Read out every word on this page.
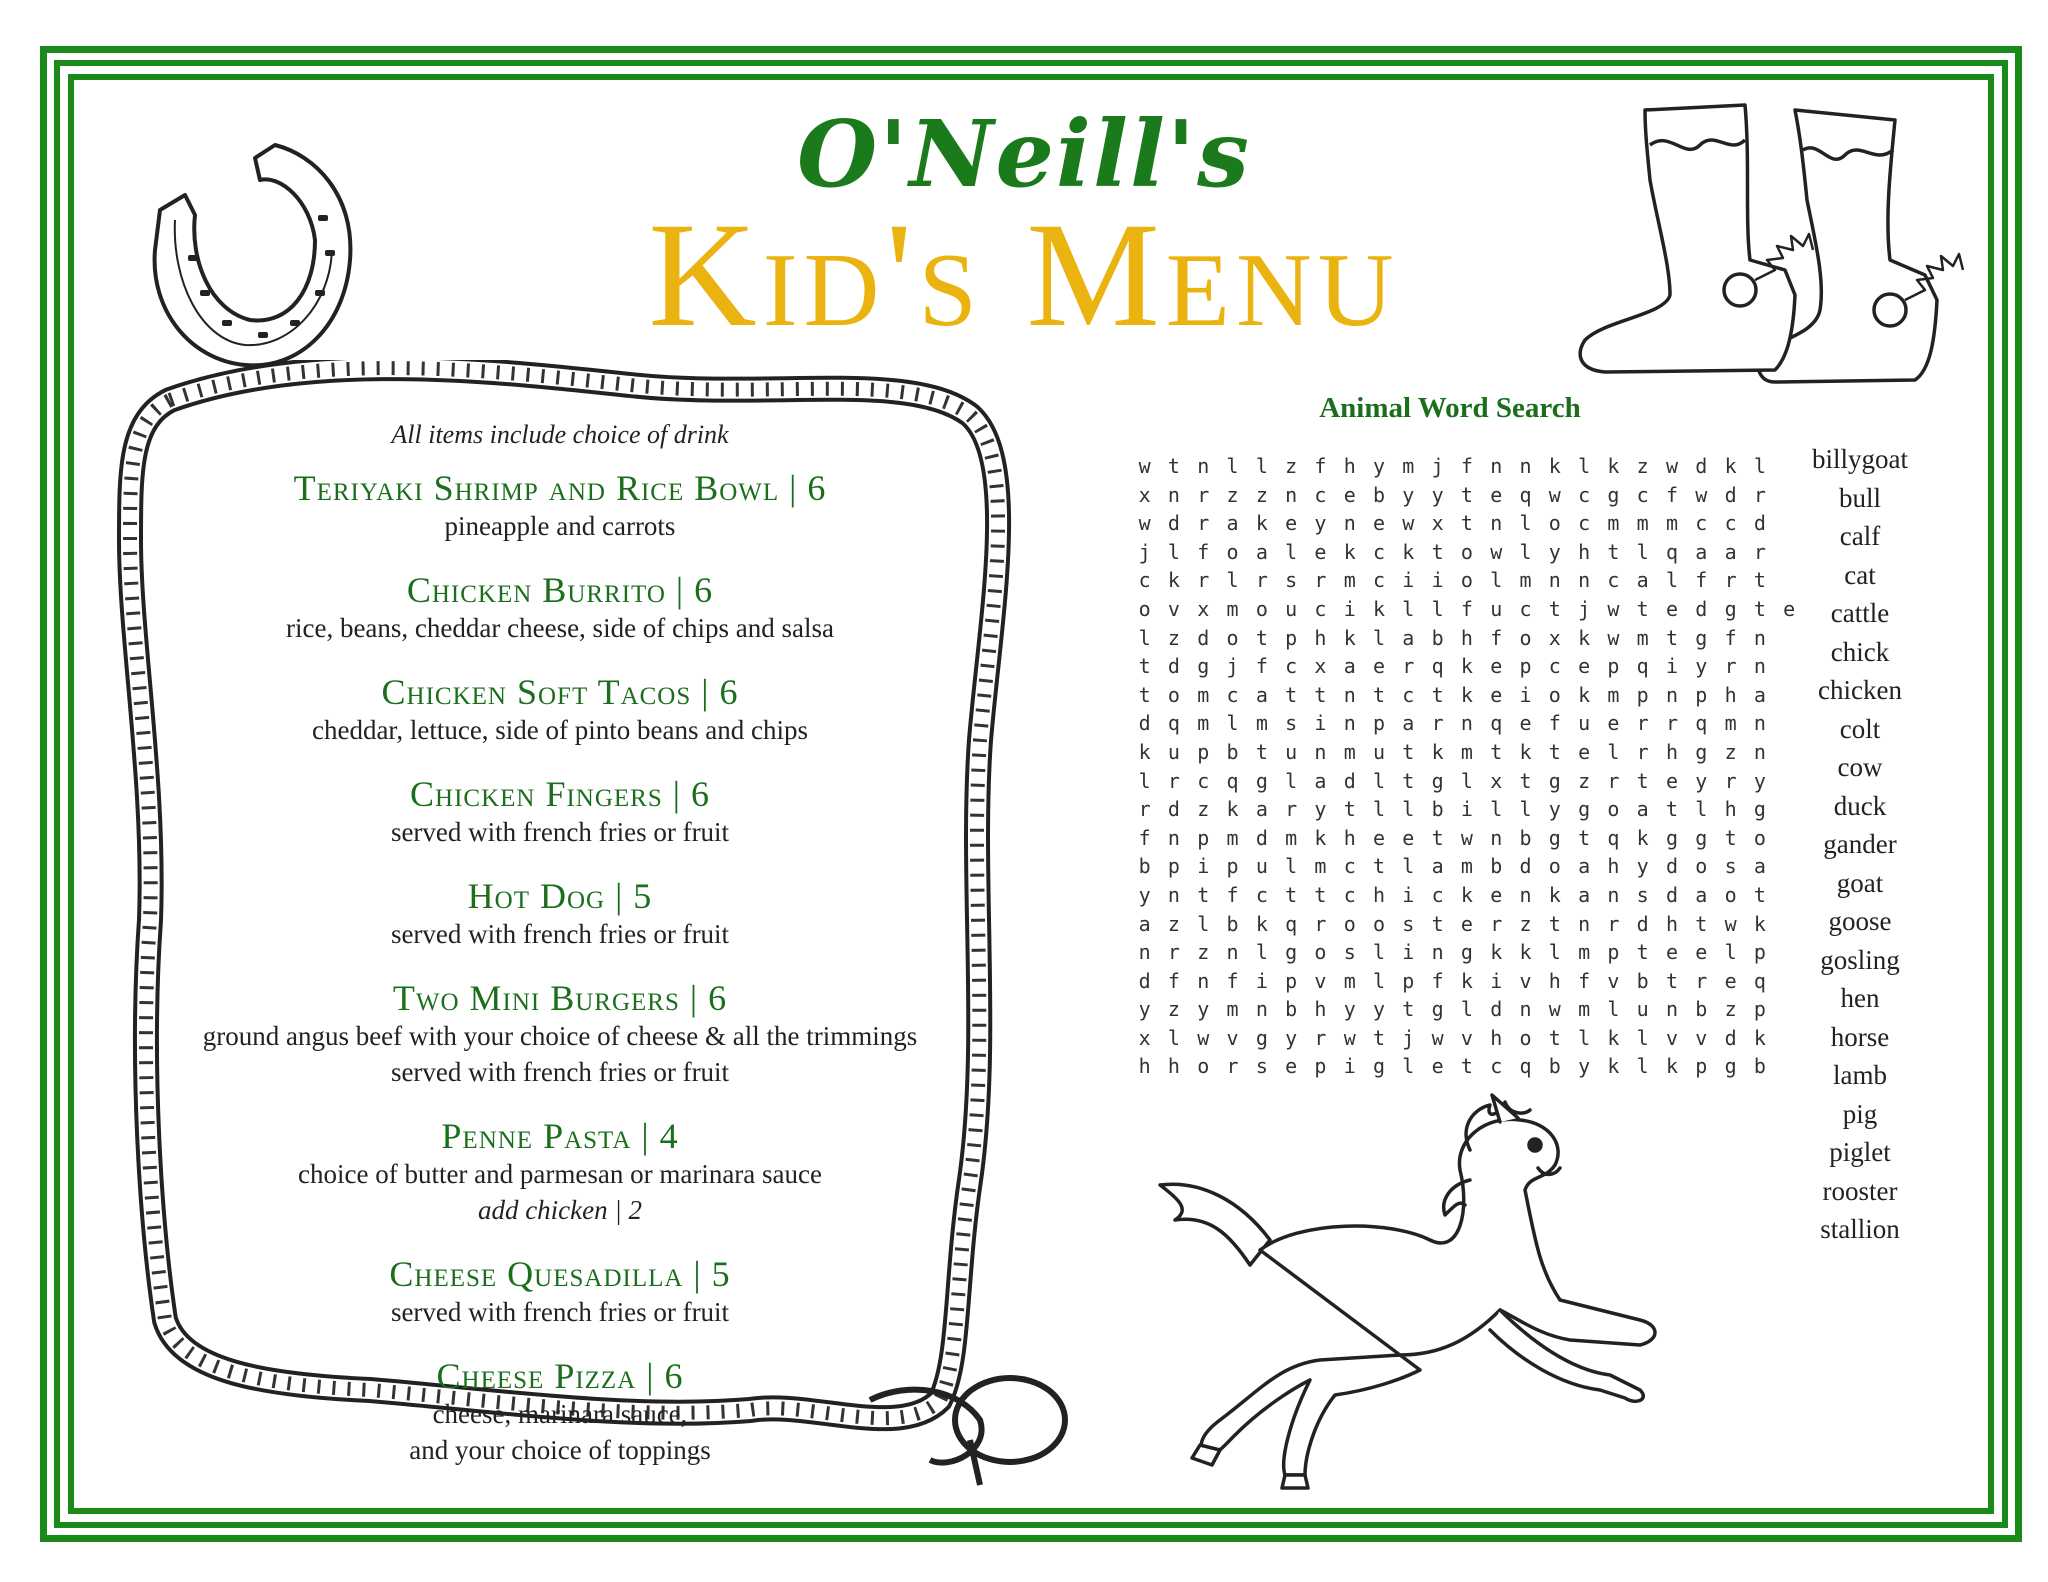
O'Neill's
Kid's Menu
All items include choice of drink
Teriyaki Shrimp and Rice Bowl | 6
pineapple and carrots
Chicken Burrito | 6
rice, beans, cheddar cheese, side of chips and salsa
Chicken Soft Tacos | 6
cheddar, lettuce, side of pinto beans and chips
Chicken Fingers | 6
served with french fries or fruit
Hot Dog | 5
served with french fries or fruit
Two Mini Burgers | 6
ground angus beef with your choice of cheese & all the trimmings
served with french fries or fruit
Penne Pasta | 4
choice of butter and parmesan or marinara sauce
add chicken | 2
Cheese Quesadilla | 5
served with french fries or fruit
Cheese Pizza | 6
cheese, marinara sauce,
and your choice of toppings
Animal Word Search
w t n l l z f h y m j f n n k l k z w d k l
x n r z z n c e b y y t e q w c g c f w d r
w d r a k e y n e w x t n l o c m m m c c d
j l f o a l e k c k t o w l y h t l q a a r
c k r l r s r m c i i o l m n n c a l f r t
o v x m o u c i k l l f u c t j w t e d g t e
l z d o t p h k l a b h f o x k w m t g f n
t d g j f c x a e r q k e p c e p q i y r n
t o m c a t t n t c t k e i o k m p n p h a
d q m l m s i n p a r n q e f u e r r q m n
k u p b t u n m u t k m t k t e l r h g z n
l r c q g l a d l t g l x t g z r t e y r y
r d z k a r y t l l b i l l y g o a t l h g
f n p m d m k h e e t w n b g t q k g g t o
b p i p u l m c t l a m b d o a h y d o s a
y n t f c t t c h i c k e n k a n s d a o t
a z l b k q r o o s t e r z t n r d h t w k
n r z n l g o s l i n g k k l m p t e e l p
d f n f i p v m l p f k i v h f v b t r e q
y z y m n b h y y t g l d n w m l u n b z p
x l w v g y r w t j w v h o t l k l v v d k
h h o r s e p i g l e t c q b y k l k p g b
billygoat
bull
calf
cat
cattle
chick
chicken
colt
cow
duck
gander
goat
goose
gosling
hen
horse
lamb
pig
piglet
rooster
stallion
